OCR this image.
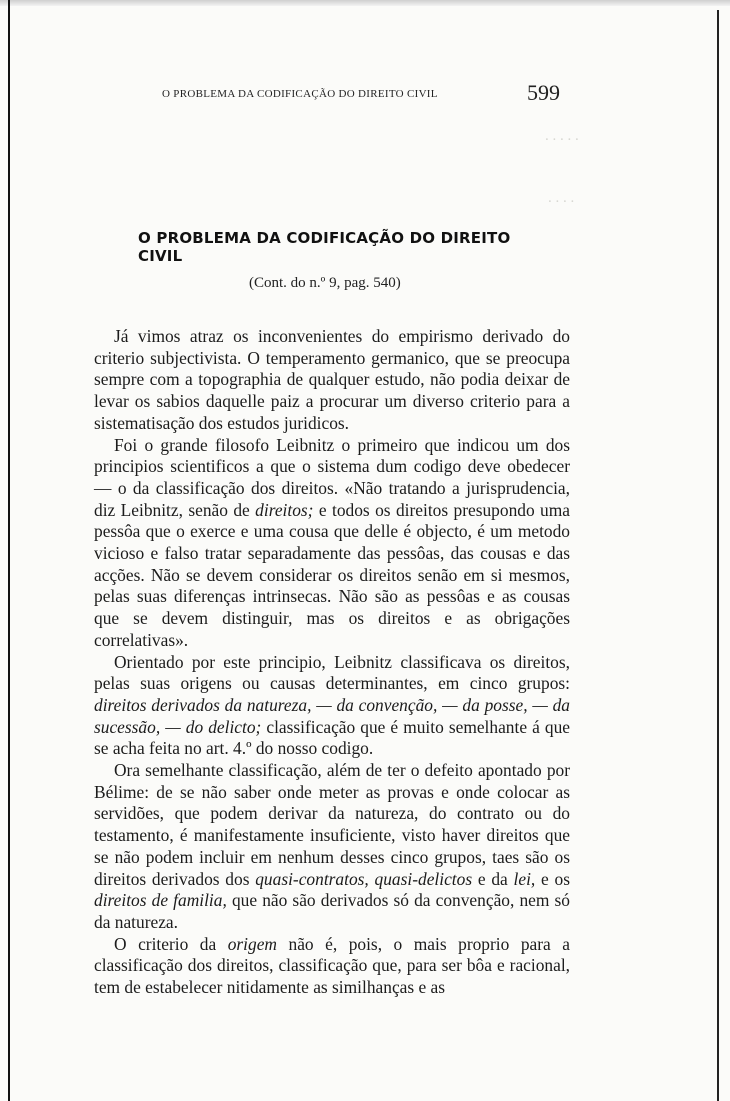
. . . . .
. . . .
O PROBLEMA DA CODIFICAÇÃO DO DIREITO CIVIL	599
O PROBLEMA DA CODIFICAÇÃO DO DIREITO CIVIL
(Cont. do n.º 9, pag. 540)

Já vimos atraz os inconvenientes do empirismo derivado do criterio subjectivista. O temperamento germanico, que se preocupa sempre com a topographia de qualquer estudo, não podia deixar de levar os sabios daquelle paiz a procurar um diverso criterio para a sistematisação dos estudos juridicos.

Foi o grande filosofo Leibnitz o primeiro que indicou um dos principios scientificos a que o sistema dum codigo deve obedecer — o da classificação dos direitos. «Não tratando a jurisprudencia, diz Leibnitz, senão de direitos; e todos os direitos presupondo uma pessôa que o exerce e uma cousa que delle é objecto, é um metodo vicioso e falso tratar separadamente das pessôas, das cousas e das acções. Não se devem considerar os direitos senão em si mesmos, pelas suas diferenças intrinsecas. Não são as pessôas e as cousas que se devem distinguir, mas os direitos e as obrigações correlativas».

Orientado por este principio, Leibnitz classificava os direitos, pelas suas origens ou causas determinantes, em cinco grupos: direitos derivados da natureza, — da convenção, — da posse, — da sucessão, — do delicto; classificação que é muito semelhante á que se acha feita no art. 4.º do nosso codigo.

Ora semelhante classificação, além de ter o defeito apontado por Bélime: de se não saber onde meter as provas e onde colocar as servidões, que podem derivar da natureza, do contrato ou do testamento, é manifestamente insuficiente, visto haver direitos que se não podem incluir em nenhum desses cinco grupos, taes são os direitos derivados dos quasi-contratos, quasi-delictos e da lei, e os direitos de familia, que não são derivados só da convenção, nem só da natureza.

O criterio da origem não é, pois, o mais proprio para a classificação dos direitos, classificação que, para ser bôa e racional, tem de estabelecer nitidamente as similhanças e as
